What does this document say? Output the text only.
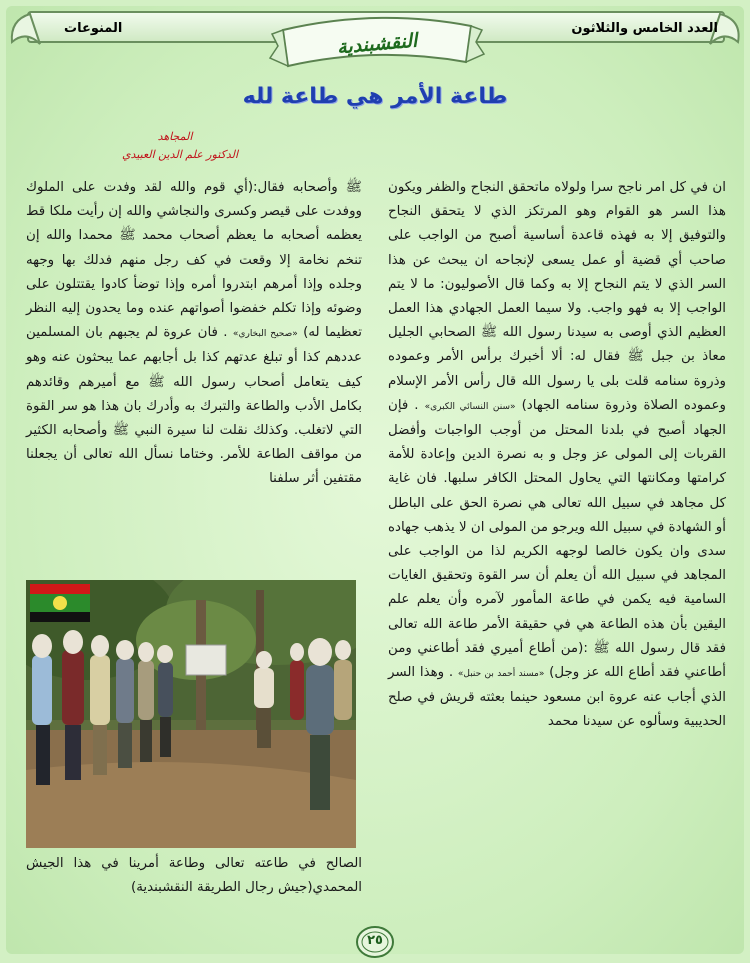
العدد الخامس والثلاثون
المنوعات
النقشبندية
طاعة الأمر هي طاعة لله
المجاهد
الدكتور علم الدين العبيدي

ان في كل امر ناجح سرا ولولاه ماتحقق النجاح والظفر ويكون هذا السر هو القوام وهو المرتكز الذي لا يتحقق النجاح والتوفيق إلا به فهذه قاعدة أساسية أصبح من الواجب على صاحب أي قضية أو عمل يسعى لإنجاحه ان يبحث عن هذا السر الذي لا يتم النجاح إلا به وكما قال الأصوليون: ما لا يتم الواجب إلا به فهو واجب. ولا سيما العمل الجهادي هذا العمل العظيم الذي أوصى به سيدنا رسول الله ﷺ الصحابي الجليل معاذ بن جبل ﷺ فقال له: ألا أخبرك برأس الأمر وعموده وذروة سنامه قلت بلى يا رسول الله قال رأس الأمر الإسلام وعموده الصلاة وذروة سنامه الجهاد) «سنن النسائي الكبرى» . فإن الجهاد أصبح في بلدنا المحتل من أوجب الواجبات وأفضل القربات إلى المولى عز وجل و به نصرة الدين وإعادة للأمة كرامتها ومكانتها التي يحاول المحتل الكافر سلبها. فان غاية كل مجاهد في سبيل الله تعالى هي نصرة الحق على الباطل أو الشهادة في سبيل الله ويرجو من المولى ان لا يذهب جهاده سدى وان يكون خالصا لوجهه الكريم لذا من الواجب على المجاهد في سبيل الله أن يعلم أن سر القوة وتحقيق الغايات السامية فيه يكمن في طاعة المأمور لآمره وأن يعلم علم اليقين بأن هذه الطاعة هي في حقيقة الأمر طاعة الله تعالى فقد قال رسول الله ﷺ :(من أطاع أميري فقد أطاعني ومن أطاعني فقد أطاع الله عز وجل) «مسند أحمد بن حنبل» . وهذا السر الذي أجاب عنه عروة ابن مسعود حينما بعثته قريش في صلح الحديبية وسألوه عن سيدنا محمد

ﷺ وأصحابه فقال:(أي قوم والله لقد وفدت على الملوك ووفدت على قيصر وكسرى والنجاشي والله إن رأيت ملكا قط يعظمه أصحابه ما يعظم أصحاب محمد ﷺ محمدا والله إن تنخم نخامة إلا وقعت في كف رجل منهم فدلك بها وجهه وجلده وإذا أمرهم ابتدروا أمره وإذا توضأ كادوا يقتتلون على وضوئه وإذا تكلم خفضوا أصواتهم عنده وما يحدون إليه النظر تعظيما له) «صحيح البخاري» . فان عروة لم يجبهم بان المسلمين عددهم كذا أو تبلغ عدتهم كذا بل أجابهم عما يبحثون عنه وهو كيف يتعامل أصحاب رسول الله ﷺ مع أميرهم وقائدهم بكامل الأدب والطاعة والتبرك به وأدرك بان هذا هو سر القوة التي لاتغلب. وكذلك نقلت لنا سيرة النبي ﷺ وأصحابه الكثير من مواقف الطاعة للأمر. وختاما نسأل الله تعالى أن يجعلنا مقتفين أثر سلفنا

الصالح في طاعته تعالى وطاعة أمرينا في هذا الجيش المحمدي(جيش رجال الطريقة النقشبندية)

٢٥
